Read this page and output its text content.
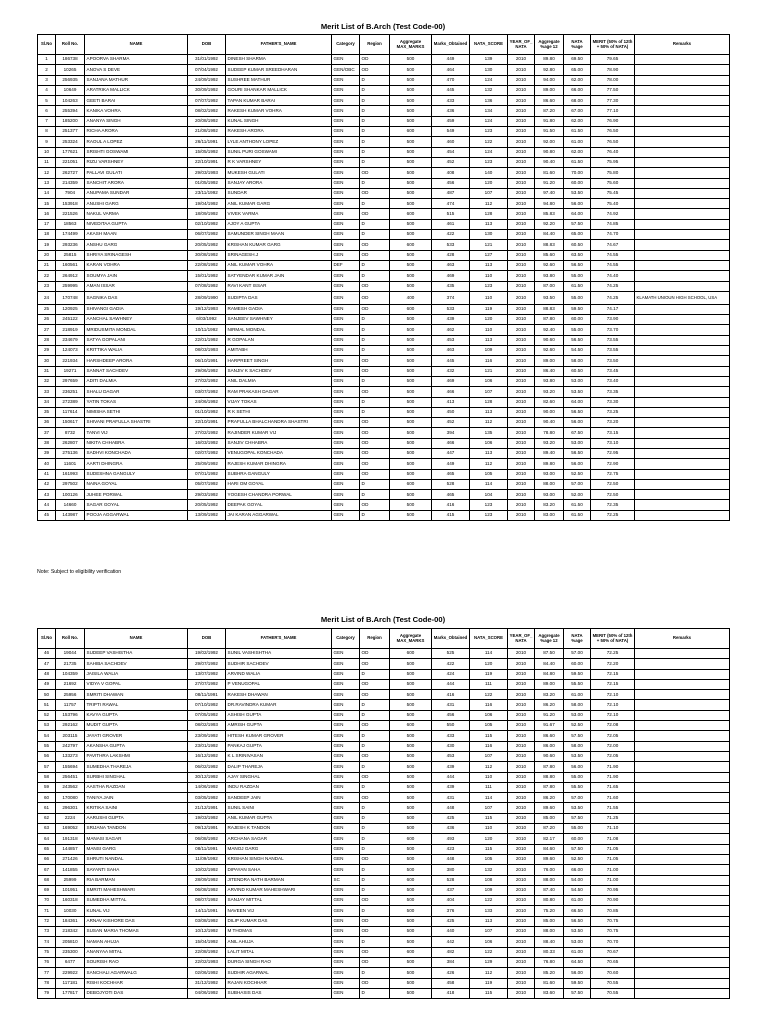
Merit List of B.Arch (Test Code-00)
Sl.No	Roll No.	NAME	DOB	FATHER'S_NAME	Category	Region	Aggregate MAX_MARKS	Marks_Obtained	NATA_SCORE	YEAR_OF_ NATA	Aggregate %age 12	NATA %age	MERIT (50% of 12th + 50% of NATA)	Remarks
1	186738	APOORVA SHARMA	31/01/1992	DINESH SHARMA	GEN	OD	500	449	139	2010	89.80	69.50	79.65	
2	10265	ANOVA S DEVE	07/04/1992	SUDEEP KUMAR SREEDHARAN	GEN/OBC	OD	500	464	130	2010	92.80	65.00	78.90	
3	256935	SANJANA MATHUR	24/09/1992	SUSHREE MATHUR	GEN	D	500	470	124	2010	94.00	62.00	78.00	
4	10649	ARATRIKA MALLICK	30/09/1992	GOURI SHANKAR MALLICK	GEN	D	500	445	132	2010	89.00	66.00	77.50	
5	104263	GEETI BARAI	07/07/1992	TAPAN KUMAR BARAI	GEN	D	500	433	136	2010	86.60	68.00	77.30	
6	255394	KANIKA VOHRA	08/02/1992	RAKESH KUMAR VOHRA	GEN	D	500	436	134	2010	87.20	67.00	77.10	
7	185200	ANANYA SINGH	20/08/1992	KUNAL SINGH	GEN	D	500	459	124	2010	91.80	62.00	76.90	
8	251377	RICHA ARORA	21/08/1992	RAKESH ARORA	GEN	D	600	549	123	2010	91.50	61.50	76.50	
9	253324	RAOUL A LOPEZ	26/11/1991	LYLE ANTHONY LOPEZ	GEN	D	500	460	122	2010	92.00	61.00	76.50	
10	177621	SRISHTI GOSWAMI	15/05/1992	SUNIL PURI GOSWAMI	GEN	D	500	454	124	2010	90.80	62.00	76.40	
11	221051	RIZU VARSHNEY	22/10/1991	R K VARSHNEY	GEN	D	500	452	123	2010	90.40	61.50	75.95	
12	262727	PALLAVI GULATI	29/03/1993	MUKESH GULATI	GEN	OD	500	408	140	2010	81.60	70.00	75.80	
13	214359	SANCHIT ARORA	01/05/1992	SANJAY ARORA	GEN	D	500	456	120	2010	91.20	60.00	75.60	
14	7904	ANUPAMA SUNDAR	23/11/1992	SUNDAR	GEN	OD	500	487	107	2010	97.40	53.50	75.45	
15	153918	ANUSHI GARG	19/04/1992	ANIL KUMAR GARG	GEN	D	500	474	112	2010	94.80	56.00	75.40	
16	221526	NAKUL VARMA	18/09/1992	VIVEK VARMA	GEN	OD	600	515	128	2010	85.83	64.00	74.92	
17	18563	NIVEDITAA GUPTA	02/10/1992	AJOY A GUPTA	GEN	D	500	461	113	2010	92.20	57.50	74.85	
18	174499	AKASH MAAN	06/07/1992	SAMUNDER SINGH MAAN	GEN	D	500	422	130	2010	84.40	65.00	74.70	
19	293236	ANSHU GARG	20/05/1992	KRISHAN KUMAR GARG	GEN	OD	600	533	121	2010	88.83	60.50	74.67	
20	25815	SHRIYA SRINAGESH	30/08/1992	SRINAGESH.J	GEN	OD	500	428	127	2010	85.60	63.50	74.55	
21	160561	KARAN VOHRA	22/08/1992	ANIL KUMAR VOHRA	DEF	D	500	463	113	2010	92.60	56.50	74.55	
22	264912	SOUMYA JAIN	15/01/1992	SATYENDAR KUMAR JAIN	GEN	D	500	469	110	2010	93.80	55.00	74.40	
23	259995	AMAN ISSAR	07/08/1992	RAVI KANT ISSAR	GEN	OD	500	435	123	2010	87.00	61.50	74.25	
24	170748	SAGNIKA DAS	28/09/1990	SUDIPTA DAS	GEN	OD	400	374	110	2010	93.50	55.00	74.25	KLAMATH UNIOUN HIGH SCHOOL, USA
25	120925	SHIVANGI GADIA	19/12/1993	RAMESH GADIA	GEN	OD	600	533	119	2010	88.83	59.50	74.17	
26	245122	AANCHAL SAWHNEY	6/03/1992	SANJEEV SAWHNEY	GEN	D	500	439	120	2010	87.80	60.00	73.90	
27	218919	MRIDUSMITA MONDAL	10/11/1992	NIRMAL MONDAL	GEN	D	500	462	110	2010	92.40	55.00	73.70	
28	234679	SATYA GOPALANI	22/01/1992	R GOPALAN	GEN	D	500	453	113	2010	90.60	56.50	73.55	
29	124073	KRITTIKA WALIA	08/03/1993	AMITABH	GEN	D	500	463	109	2010	92.60	54.50	73.55	
30	221934	HARSHDEEP ARORA	06/10/1991	HARPREET SINGH	GEN	OD	500	445	116	2010	89.00	58.00	73.50	
31	19271	SANNAT SACHDEV	29/06/1992	SANJIV K SACHDEV	GEN	OD	500	432	121	2010	86.40	60.50	73.45	
32	297659	ADITI DALMIA	27/02/1992	ANIL DALMIA	GEN	D	500	469	106	2010	93.80	53.00	73.40	
33	236251	SHALU DAGAR	03/07/1992	RAM PRAKASH DAGAR	GEN	OD	500	466	107	2010	93.20	53.50	73.35	
34	272389	YATIN TOKAS	24/06/1992	VIJAY TOKAS	GEN	D	500	413	128	2010	82.60	64.00	73.30	
35	117614	NIMISHA SETHI	01/10/1992	R K SETHI	GEN	D	500	450	113	2010	90.00	56.50	73.25	
36	150617	SHIVANI PRAFULLA SHASTRI	22/10/1991	PRAFULLA BHALCHANDRA SHASTRI	GEN	OD	500	452	112	2010	90.40	56.00	73.20	
37	8732	TANVI VIJ	27/02/1992	RAJINDER KUMAR VIJ	GEN	OD	500	394	135	2010	78.80	67.50	73.15	
38	262807	NIKITA CHHABRA	16/03/1992	SANJIV CHHABRA	GEN	OD	500	466	106	2010	93.20	53.00	73.10	
39	275136	SADHVI KONCHADA	02/07/1992	VENUGOPAL KONCHADA	GEN	OD	500	447	113	2010	89.40	56.50	72.95	
40	11601	AARTI DHINGRA	25/09/1992	RAJESH KUMAR DHINGRA	GEN	OD	500	449	112	2010	89.80	56.00	72.90	
41	161993	SUDESHNA GANGULY	07/01/1992	SUBHRA GANGULY	GEN	OD	500	465	105	2010	93.00	52.50	72.75	
42	297502	NAINA GOYAL	05/07/1992	HARI OM GOYAL	GEN	D	600	528	114	2010	88.00	57.00	72.50	
43	100126	JUHEE PORWAL	29/03/1992	YOGESH CHANDRA PORWAL	GEN	D	500	465	104	2010	93.00	52.00	72.50	
44	14660	SAGAR GOYAL	20/05/1992	DEEPAK GOYAL	GEN	OD	500	416	123	2010	83.20	61.50	72.35	
45	143987	POOJA AGGARWAL	13/09/1992	JAI KARAN AGGARWAL	GEN	D	500	415	123	2010	83.00	61.50	72.25	
Note: Subject to eligibility verification
Merit List of B.Arch (Test Code-00)
Sl.No	Roll No.	NAME	DOB	FATHER'S_NAME	Category	Region	Aggregate MAX_MARKS	Marks_Obtained	NATA_SCORE	YEAR_OF_ NATA	Aggregate %age 12	NATA %age	MERIT (50% of 12th + 50% of NATA)	Remarks
46	19044	SUDEEP VASHISTHA	19/02/1992	SUNIL VASHISHTHA	GEN	OD	600	525	114	2010	87.50	57.00	72.25	
47	21735	SAHIBA SACHDEV	29/07/1992	SUDHIR SACHDEV	GEN	OD	500	422	120	2010	84.40	60.00	72.20	
48	104359	JAISILA WALIA	13/07/1992	ARVIND WALIA	GEN	D	500	424	119	2010	84.80	59.50	72.15	
49	21692	VIDYA V GOPAL	27/07/1992	P VENUGOPAL	GEN	OD	500	444	111	2010	89.00	55.50	72.15	
50	25956	SMRITI DHAWAN	08/11/1991	RAKESH DHAWAN	GEN	OD	500	416	122	2010	83.20	61.00	72.10	
51	11757	TRIPTI RAWAL	07/10/1992	DR.RAVINDRA KUMAR	GEN	D	500	431	116	2010	86.20	58.00	72.10	
52	153796	KAVYA GUPTA	07/05/1992	ASHISH GUPTA	GEN	D	500	456	106	2010	91.20	53.00	72.10	
53	292162	MUDIT GUPTA	08/02/1993	AMRISH GUPTA	GEN	OD	600	550	105	2010	91.67	52.50	72.08	
54	203115	JAYATI GROVER	23/09/1992	HITESH KUMAR GROVER	GEN	D	500	433	115	2010	86.60	57.50	72.05	
55	242797	AKANSHA GUPTA	23/01/1992	PANKAJ GUPTA	GEN	D	500	430	116	2010	86.00	58.00	72.00	
56	133273	PAVITHRA LAKSHMI	16/12/1992	K L SRINIVASAN	GEN	OD	500	453	107	2010	90.60	53.50	72.05	
57	155694	SUMEDHA THAREJA	06/02/1992	DALIP THAREJA	GEN	D	500	439	112	2010	87.80	56.00	71.90	
58	256451	SURBHI SINGHAL	30/12/1992	AJAY SINGHAL	GEN	OD	500	444	110	2010	88.80	55.00	71.90	
59	243562	AASTHA RAZDAN	14/06/1992	INDU RAZDAN	GEN	D	500	439	111	2010	87.80	55.50	71.65	
60	170080	TANIYA JAIN	03/05/1992	SANDEEP JAIN	GEN	OD	500	431	114	2010	86.20	57.00	71.60	
61	296301	KRITIKA SAINI	21/12/1991	SUNIL SAINI	GEN	D	500	448	107	2010	89.60	53.50	71.55	
62	2224	AARUSHI GUPTA	19/03/1992	ANIL KUMAR GUPTA	GEN	D	500	425	115	2010	85.00	57.50	71.25	
63	169052	SRIJANA TANDON	09/12/1991	RAJESH K TANDON	GEN	D	500	436	110	2010	87.20	55.00	71.10	
64	191318	MANASI SAGAR	06/08/1992	ARCHANA SAGAR	GEN	D	600	493	120	2010	82.17	60.00	71.08	
65	144857	MANSI GARG	08/11/1991	MANOJ GARG	GEN	D	500	423	115	2010	84.60	57.50	71.05	
66	271426	SHRUTI NANDAL	11/09/1992	KRISHAN SINGH NANDAL	GEN	OD	500	448	105	2010	89.60	52.50	71.05	
67	141855	SAYANTI SAHA	10/02/1992	DIPAYAN SAHA	GEN	D	500	380	132	2010	76.00	66.00	71.00	
68	25999	RIA BARMAN	28/09/1992	JITENDRA NATH BARMAN	SC	D	600	528	108	2010	88.00	54.00	71.00	
69	101951	SMRITI MAHESHWARI	06/08/1992	ARVIND KUMAR MAHESHWARI	GEN	D	500	437	109	2010	87.40	54.50	70.95	
70	160318	SUMEDHA MITTAL	08/07/1992	SANJAY MITTAL	GEN	OD	500	404	122	2010	80.80	61.00	70.90	
71	10030	KUNAL VIJ	14/11/1991	NAVEEN VIJ	GEN	D	500	376	133	2010	75.20	66.50	70.85	
72	184361	ARNAV KISHORE DAS	03/08/1992	DILIP KUMAR DAS	GEN	OD	500	425	113	2010	85.00	56.50	70.75	
73	218342	SUSAN MARIA THOMAS	10/12/1992	M THOMAS	GEN	OD	500	440	107	2010	88.00	53.50	70.75	
74	205810	NAMAN AHUJA	15/04/1992	ANIL AHUJA	GEN	D	500	442	106	2010	88.40	53.00	70.70	
75	235300	ANANYAA MITAL	22/08/1992	LALIT MITAL	GEN	OD	600	482	122	2010	80.33	61.00	70.67	
76	6477	SOURISH RAO	22/02/1993	DURGA SINGH RAO	GEN	OD	500	384	129	2010	76.80	64.50	70.65	
77	229922	SANCHALI AGARWALG	02/06/1992	SUDHIR AGARWAL	GEN	D	500	426	112	2010	85.20	56.00	70.60	
78	117181	RISHI KOCHHAR	31/12/1992	RAJAN KOCHHAR	GEN	OD	500	458	119	2010	81.60	59.50	70.55	
79	177817	DEBOJYOTI DAS	04/06/1992	SUBHASIS DAS	GEN	D	500	418	115	2010	83.60	57.50	70.55	
